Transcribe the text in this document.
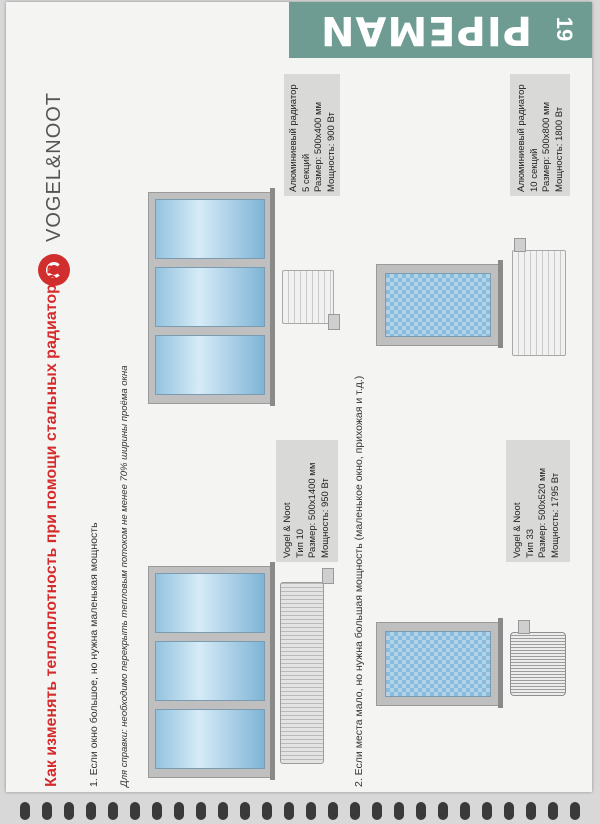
PIPEMAN 19
VOGEL&NOOT
Как изменять теплоплотность при помощи стальных радиаторов	1. Если окно большое, но нужна маленькая мощность Для справки: необходимо перекрыть тепловым потоком не менее 70% ширины проёма окна	2. Если места мало, но нужна большая мощность (маленькое окно, прихожая и т.д.)
Vogel & Noot Тип 10 Размер: 500х1400 мм Мощность: 950 Вт
Алюминиевый радиатор 5 секций Размер: 500х400 мм Мощность: 900 Вт
Vogel & Noot Тип 33 Размер: 500х520 мм Мощность: 1795 Вт
Алюминиевый радиатор 10 секций Размер: 500х800 мм Мощность: 1800 Вт
